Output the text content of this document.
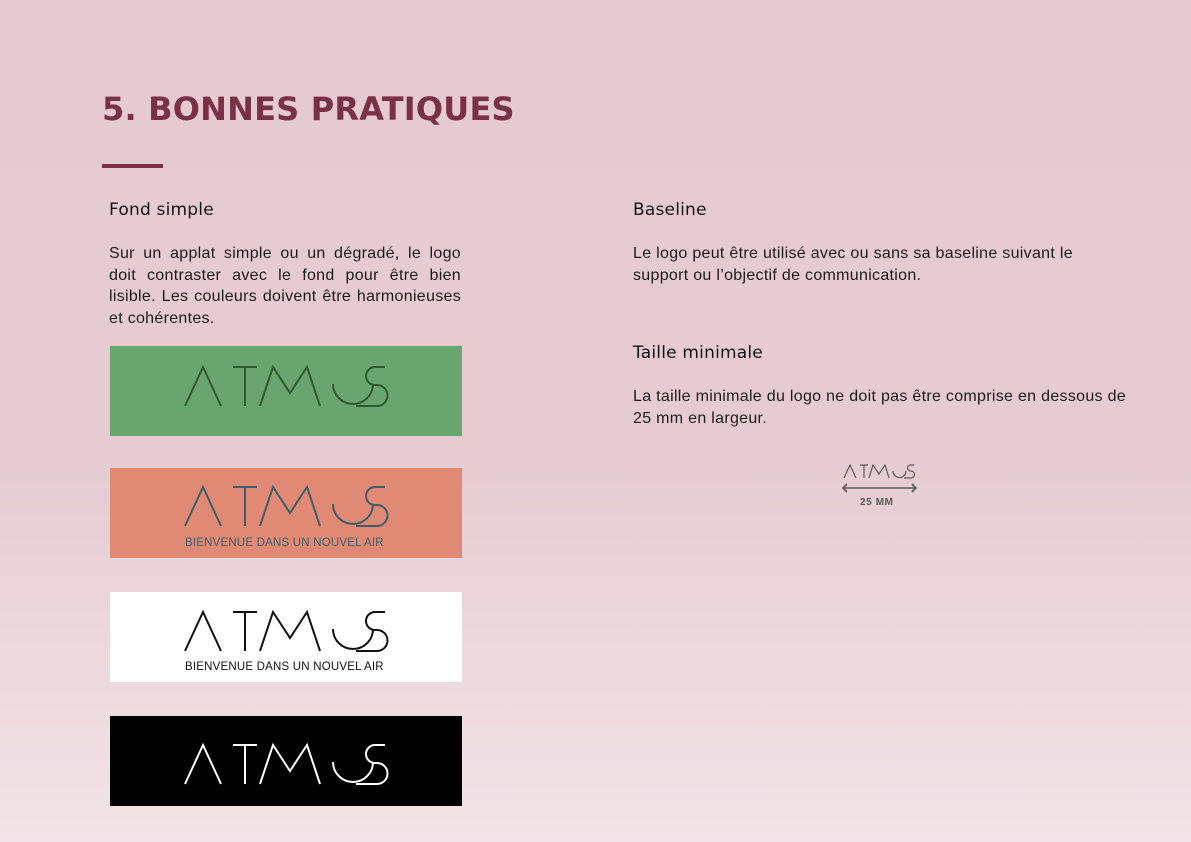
5. BONNES PRATIQUES
Fond simple

Sur un applat simple ou un dégradé, le logo doit contraster avec le fond pour être bien lisible. Les couleurs doivent être harmonieuses et cohérentes.

BIENVENUE DANS UN NOUVEL AIR

BIENVENUE DANS UN NOUVEL AIR

Baseline

Le logo peut être utilisé avec ou sans sa baseline suivant le support ou l’objectif de communication.

Taille minimale

La taille minimale du logo ne doit pas être comprise en dessous de 25 mm en largeur.

25 MM
